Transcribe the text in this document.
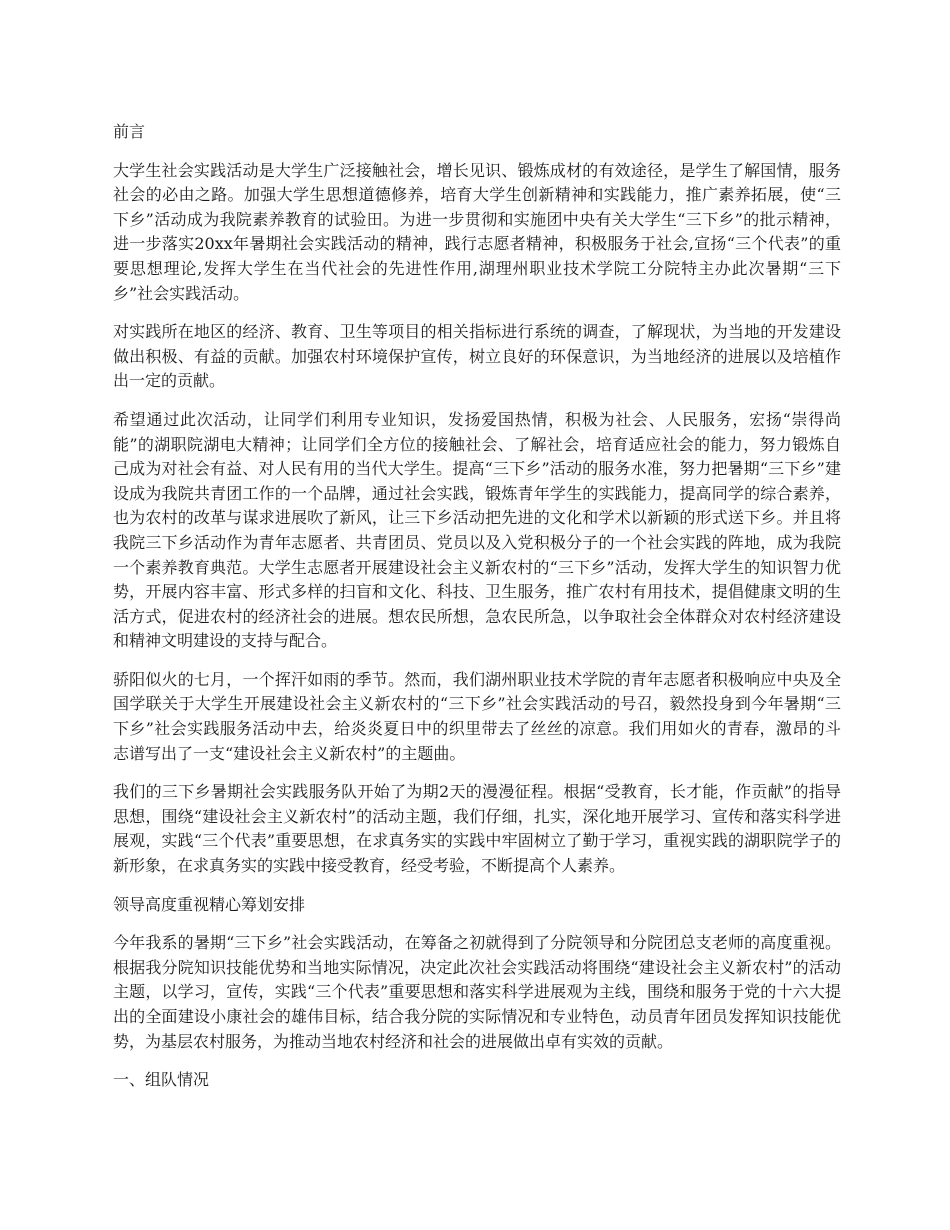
前言
大学生社会实践活动是大学生广泛接触社会，增长见识、锻炼成材的有效途径，是学生了解国情，服务社会的必由之路。加强大学生思想道德修养，培育大学生创新精神和实践能力，推广素养拓展，使“三下乡”活动成为我院素养教育的试验田。为进一步贯彻和实施团中央有关大学生“三下乡”的批示精神，进一步落实20xx年暑期社会实践活动的精神，践行志愿者精神，积极服务于社会,宣扬“三个代表”的重要思想理论,发挥大学生在当代社会的先进性作用,湖理州职业技术学院工分院特主办此次暑期“三下乡”社会实践活动。
对实践所在地区的经济、教育、卫生等项目的相关指标进行系统的调查，了解现状，为当地的开发建设做出积极、有益的贡献。加强农村环境保护宣传，树立良好的环保意识，为当地经济的进展以及培植作出一定的贡献。
希望通过此次活动，让同学们利用专业知识，发扬爱国热情，积极为社会、人民服务，宏扬“崇得尚能”的湖职院湖电大精神；让同学们全方位的接触社会、了解社会，培育适应社会的能力，努力锻炼自己成为对社会有益、对人民有用的当代大学生。提高“三下乡”活动的服务水准，努力把暑期“三下乡”建设成为我院共青团工作的一个品牌，通过社会实践，锻炼青年学生的实践能力，提高同学的综合素养，也为农村的改革与谋求进展吹了新风，让三下乡活动把先进的文化和学术以新颖的形式送下乡。并且将我院三下乡活动作为青年志愿者、共青团员、党员以及入党积极分子的一个社会实践的阵地，成为我院一个素养教育典范。大学生志愿者开展建设社会主义新农村的“三下乡”活动，发挥大学生的知识智力优势，开展内容丰富、形式多样的扫盲和文化、科技、卫生服务，推广农村有用技术，提倡健康文明的生活方式，促进农村的经济社会的进展。想农民所想，急农民所急，以争取社会全体群众对农村经济建设和精神文明建设的支持与配合。
骄阳似火的七月，一个挥汗如雨的季节。然而，我们湖州职业技术学院的青年志愿者积极响应中央及全国学联关于大学生开展建设社会主义新农村的“三下乡”社会实践活动的号召，毅然投身到今年暑期“三下乡”社会实践服务活动中去，给炎炎夏日中的织里带去了丝丝的凉意。我们用如火的青春，激昂的斗志谱写出了一支“建设社会主义新农村”的主题曲。
我们的三下乡暑期社会实践服务队开始了为期2天的漫漫征程。根据“受教育，长才能，作贡献”的指导思想，围绕“建设社会主义新农村”的活动主题，我们仔细，扎实，深化地开展学习、宣传和落实科学进展观，实践“三个代表”重要思想，在求真务实的实践中牢固树立了勤于学习，重视实践的湖职院学子的新形象，在求真务实的实践中接受教育，经受考验，不断提高个人素养。
领导高度重视精心筹划安排
今年我系的暑期“三下乡”社会实践活动，在筹备之初就得到了分院领导和分院团总支老师的高度重视。根据我分院知识技能优势和当地实际情况，决定此次社会实践活动将围绕“建设社会主义新农村”的活动主题，以学习，宣传，实践“三个代表”重要思想和落实科学进展观为主线，围绕和服务于党的十六大提出的全面建设小康社会的雄伟目标，结合我分院的实际情况和专业特色，动员青年团员发挥知识技能优势，为基层农村服务，为推动当地农村经济和社会的进展做出卓有实效的贡献。
一、组队情况
